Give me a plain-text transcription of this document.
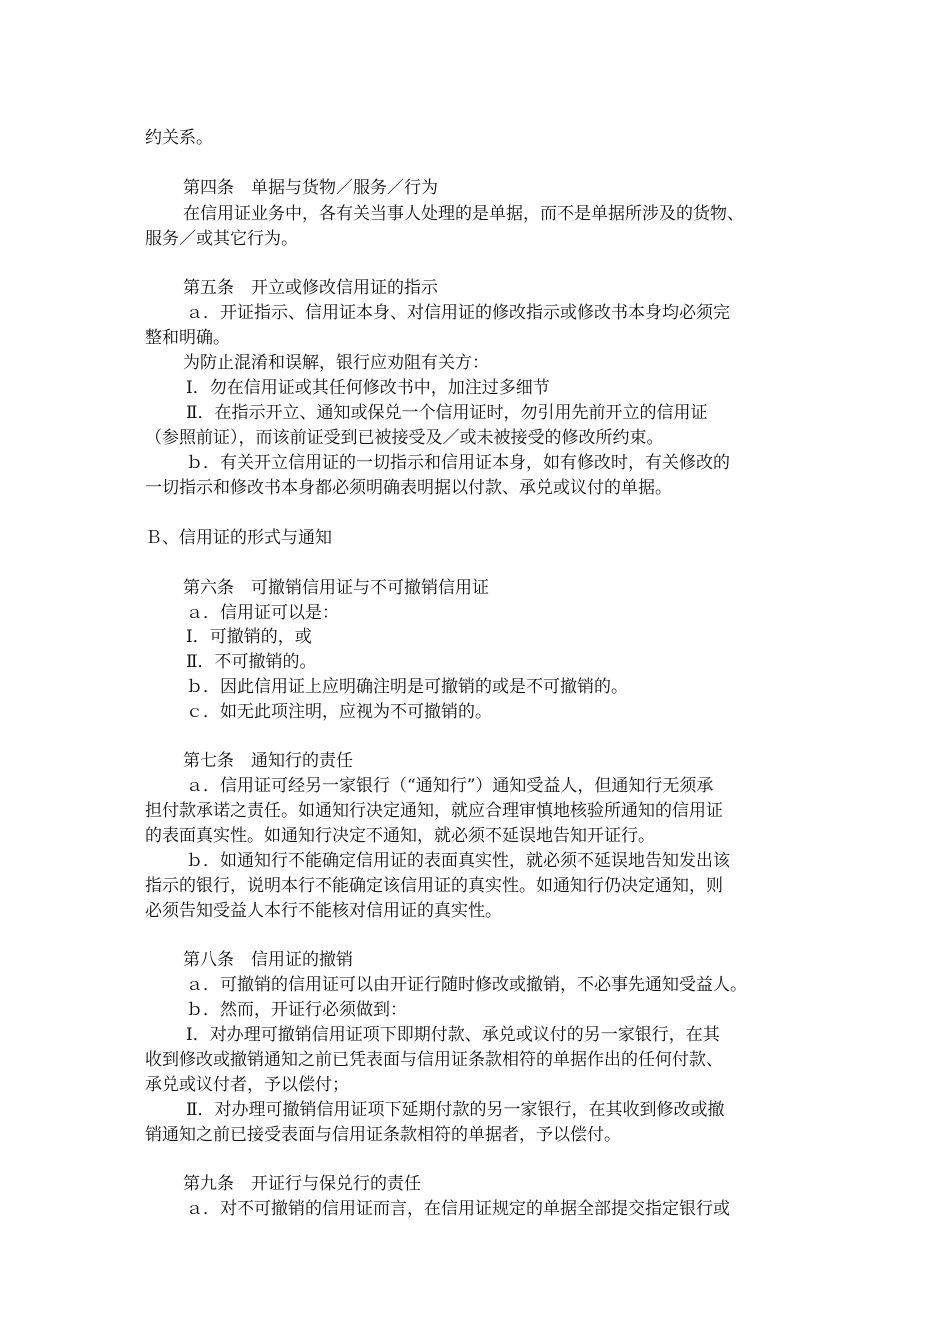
约关系。
第四条　单据与货物／服务／行为
在信用证业务中，各有关当事人处理的是单据，而不是单据所涉及的货物、
服务／或其它行为。
第五条　开立或修改信用证的指示
ａ．开证指示、信用证本身、对信用证的修改指示或修改书本身均必须完
整和明确。
为防止混淆和误解，银行应劝阻有关方：
Ⅰ．勿在信用证或其任何修改书中，加注过多细节
Ⅱ．在指示开立、通知或保兑一个信用证时，勿引用先前开立的信用证
（参照前证），而该前证受到已被接受及／或未被接受的修改所约束。
ｂ．有关开立信用证的一切指示和信用证本身，如有修改时，有关修改的
一切指示和修改书本身都必须明确表明据以付款、承兑或议付的单据。
Ｂ、信用证的形式与通知
第六条　可撤销信用证与不可撤销信用证
ａ．信用证可以是：
Ⅰ．可撤销的，或
Ⅱ．不可撤销的。
ｂ．因此信用证上应明确注明是可撤销的或是不可撤销的。
ｃ．如无此项注明，应视为不可撤销的。
第七条　通知行的责任
ａ．信用证可经另一家银行（“通知行”）通知受益人，但通知行无须承
担付款承诺之责任。如通知行决定通知，就应合理审慎地核验所通知的信用证
的表面真实性。如通知行决定不通知，就必须不延误地告知开证行。
ｂ．如通知行不能确定信用证的表面真实性，就必须不延误地告知发出该
指示的银行，说明本行不能确定该信用证的真实性。如通知行仍决定通知，则
必须告知受益人本行不能核对信用证的真实性。
第八条　信用证的撤销
ａ．可撤销的信用证可以由开证行随时修改或撤销，不必事先通知受益人。
ｂ．然而，开证行必须做到：
Ⅰ．对办理可撤销信用证项下即期付款、承兑或议付的另一家银行，在其
收到修改或撤销通知之前已凭表面与信用证条款相符的单据作出的任何付款、
承兑或议付者，予以偿付；
Ⅱ．对办理可撤销信用证项下延期付款的另一家银行，在其收到修改或撤
销通知之前已接受表面与信用证条款相符的单据者，予以偿付。
第九条　开证行与保兑行的责任
ａ．对不可撤销的信用证而言，在信用证规定的单据全部提交指定银行或
